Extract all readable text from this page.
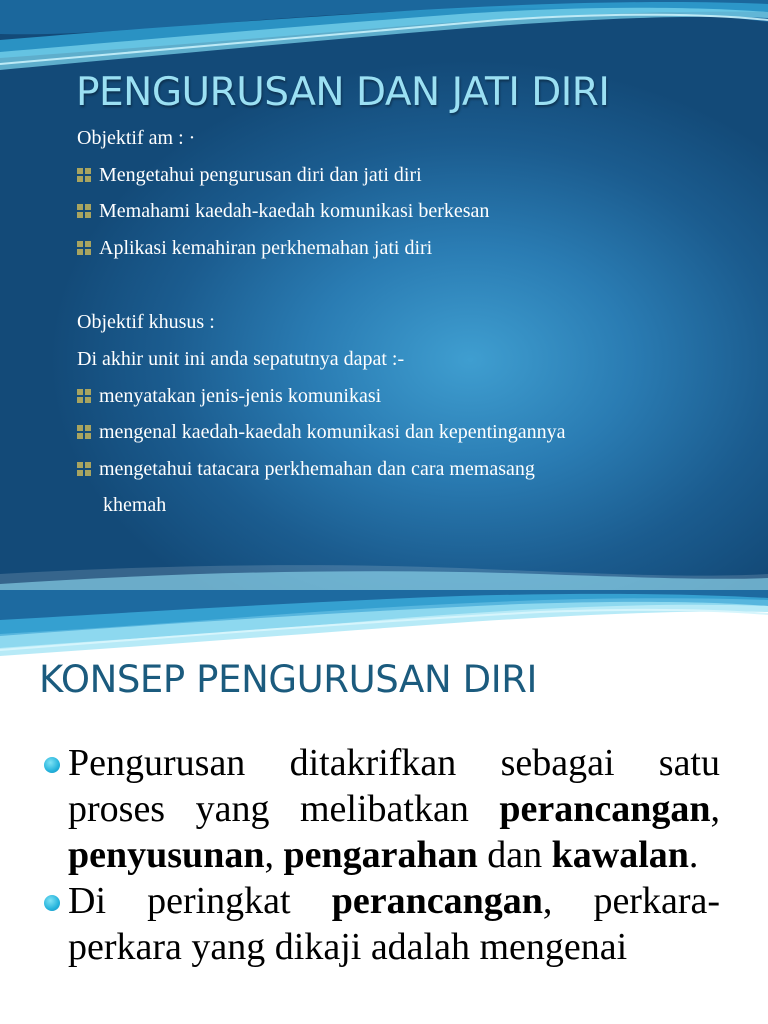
PENGURUSAN DAN JATI DIRI
Objektif am : ·
Mengetahui pengurusan diri dan jati diri
Memahami kaedah-kaedah komunikasi berkesan
Aplikasi kemahiran perkhemahan jati diri
Objektif khusus :
Di akhir unit ini anda sepatutnya dapat :-
menyatakan jenis-jenis komunikasi
mengenal kaedah-kaedah komunikasi dan kepentingannya
mengetahui tatacara perkhemahan dan cara memasang
khemah
KONSEP PENGURUSAN DIRI
Pengurusan ditakrifkan sebagai satu proses yang melibatkan perancangan, penyusunan, pengarahan dan kawalan.
Di peringkat perancangan, perkara-perkara yang dikaji adalah mengenai
